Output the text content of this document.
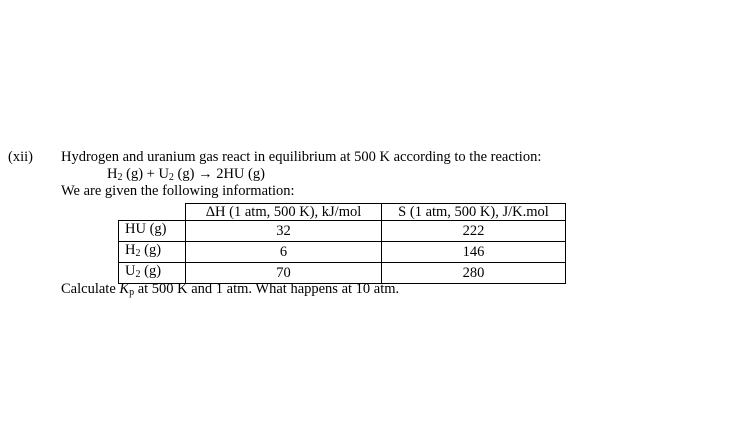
(xii) Hydrogen and uranium gas react in equilibrium at 500 K according to the reaction:
$H_2$ $(g) + U_2$ (g) → 2HU (g)
We are given the following information:
	ΔH (1 atm, 500 K), kJ/mol	S (1 atm, 500 K), J/K.mol
HU (g)	32	222
$H_2$ (g)	6	146
$U_2$ (g)	70	280
Calculate $K_p$ at 500 K and 1 atm. What happens at 10 atm.
